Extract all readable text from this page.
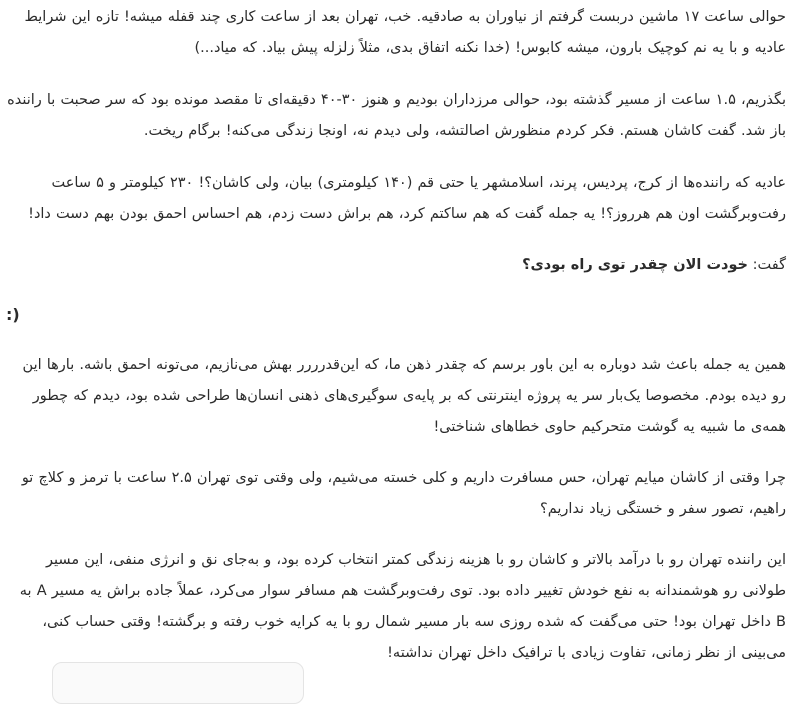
حوالی ساعت ۱۷ ماشین دربست گرفتم از نیاوران به صادقیه. خب، تهران بعد از ساعت کاری چند قفله میشه! تازه این شرایط عادیه و با یه نم کوچیک بارون، میشه کابوس! (خدا نکنه اتفاق بدی، مثلاً زلزله پیش بیاد. که میاد...)

بگذریم، ۱.۵ ساعت از مسیر گذشته بود، حوالی مرزداران بودیم و هنوز ۳۰-۴۰ دقیقه‌ای تا مقصد مونده بود که سر صحبت با راننده باز شد. گفت کاشان هستم. فکر کردم منظورش اصالتشه، ولی دیدم نه، اونجا زندگی می‌کنه! برگام ریخت.

عادیه که راننده‌ها از کرج، پردیس، پرند، اسلامشهر یا حتی قم (۱۴۰ کیلومتری) بیان، ولی کاشان؟! ۲۳۰ کیلومتر و ۵ ساعت رفت‌وبرگشت اون هم هرروز؟! یه جمله گفت که هم ساکتم کرد، هم براش دست زدم، هم احساس احمق بودن بهم دست داد!

گفت: خودت الان چقدر توی راه بودی؟

:)

همین یه جمله باعث شد دوباره به این باور برسم که چقدر ذهن ما، که این‌قدرررر بهش می‌نازیم، می‌تونه احمق باشه. بارها این رو دیده بودم. مخصوصا یک‌بار سر یه پروژه اینترنتی که بر پایه‌ی سوگیری‌های ذهنی انسان‌ها طراحی شده بود، دیدم که چطور همه‌ی ما شبیه یه گوشت متحرکیم حاوی خطاهای شناختی!

چرا وقتی از کاشان میایم تهران، حس مسافرت داریم و کلی خسته می‌شیم، ولی وقتی توی تهران ۲.۵ ساعت با ترمز و کلاچ تو راهیم، تصور سفر و خستگی زیاد نداریم؟

این راننده تهران رو با درآمد بالاتر و کاشان رو با هزینه زندگی کمتر انتخاب کرده بود، و به‌جای نق و انرژی منفی، این مسیر طولانی رو هوشمندانه به نفع خودش تغییر داده بود. توی رفت‌وبرگشت هم مسافر سوار می‌کرد، عملاً جاده براش یه مسیر A به B داخل تهران بود! حتی می‌گفت که شده روزی سه بار مسیر شمال رو با یه کرایه خوب رفته و برگشته! وقتی حساب کنی، می‌بینی از نظر زمانی، تفاوت زیادی با ترافیک داخل تهران نداشته!
